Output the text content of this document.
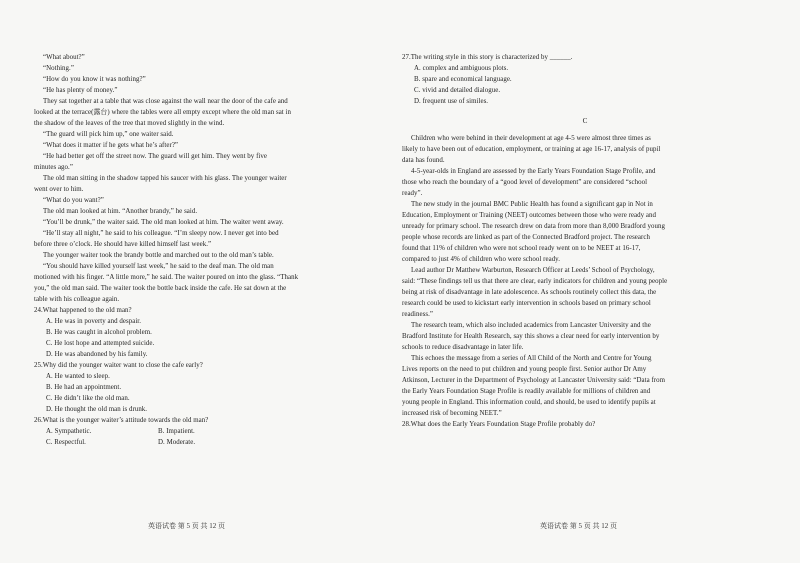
“What about?”

“Nothing.”

“How do you know it was nothing?”

“He has plenty of money.”

They sat together at a table that was close against the wall near the door of the cafe and

looked at the terrace(露台) where the tables were all empty except where the old man sat in

the shadow of the leaves of the tree that moved slightly in the wind.

“The guard will pick him up,” one waiter said.

“What does it matter if he gets what he’s after?”

“He had better get off the street now. The guard will get him. They went by five

minutes ago.”

The old man sitting in the shadow tapped his saucer with his glass. The younger waiter

went over to him.

“What do you want?”

The old man looked at him. “Another brandy,” he said.

“You’ll be drunk,” the waiter said. The old man looked at him. The waiter went away.

“He’ll stay all night,” he said to his colleague. “I’m sleepy now. I never get into bed

before three o’clock. He should have killed himself last week.”

The younger waiter took the brandy bottle and marched out to the old man’s table.

“You should have killed yourself last week,” he said to the deaf man. The old man

motioned with his finger. “A little more,” he said. The waiter poured on into the glass. “Thank

you,” the old man said. The waiter took the bottle back inside the cafe. He sat down at the

table with his colleague again.

24.What happened to the old man?

A. He was in poverty and despair.

B. He was caught in alcohol problem.

C. He lost hope and attempted suicide.

D. He was abandoned by his family.

25.Why did the younger waiter want to close the cafe early?

A. He wanted to sleep.

B. He had an appointment.

C. He didn’t like the old man.

D. He thought the old man is drunk.

26.What is the younger waiter’s attitude towards the old man?

A. Sympathetic.	B. Impatient.
C. Respectful.	D. Moderate.

27.The writing style in this story is characterized by ______.

A. complex and ambiguous plots.

B. spare and economical language.

C. vivid and detailed dialogue.

D. frequent use of similes.

C

Children who were behind in their development at age 4-5 were almost three times as

likely to have been out of education, employment, or training at age 16-17, analysis of pupil

data has found.

4-5-year-olds in England are assessed by the Early Years Foundation Stage Profile, and

those who reach the boundary of a “good level of development” are considered “school

ready”.

The new study in the journal BMC Public Health has found a significant gap in Not in

Education, Employment or Training (NEET) outcomes between those who were ready and

unready for primary school. The research drew on data from more than 8,000 Bradford young

people whose records are linked as part of the Connected Bradford project. The research

found that 11% of children who were not school ready went on to be NEET at 16-17,

compared to just 4% of children who were school ready.

Lead author Dr Matthew Warburton, Research Officer at Leeds’ School of Psychology,

said: “These findings tell us that there are clear, early indicators for children and young people

being at risk of disadvantage in late adolescence. As schools routinely collect this data, the

research could be used to kickstart early intervention in schools based on primary school

readiness.”

The research team, which also included academics from Lancaster University and the

Bradford Institute for Health Research, say this shows a clear need for early intervention by

schools to reduce disadvantage in later life.

This echoes the message from a series of All Child of the North and Centre for Young

Lives reports on the need to put children and young people first. Senior author Dr Amy

Atkinson, Lecturer in the Department of Psychology at Lancaster University said: “Data from

the Early Years Foundation Stage Profile is readily available for millions of children and

young people in England. This information could, and should, be used to identify pupils at

increased risk of becoming NEET.”

28.What does the Early Years Foundation Stage Profile probably do?

英语试卷 第 5 页 共 12 页	英语试卷 第 5 页 共 12 页
